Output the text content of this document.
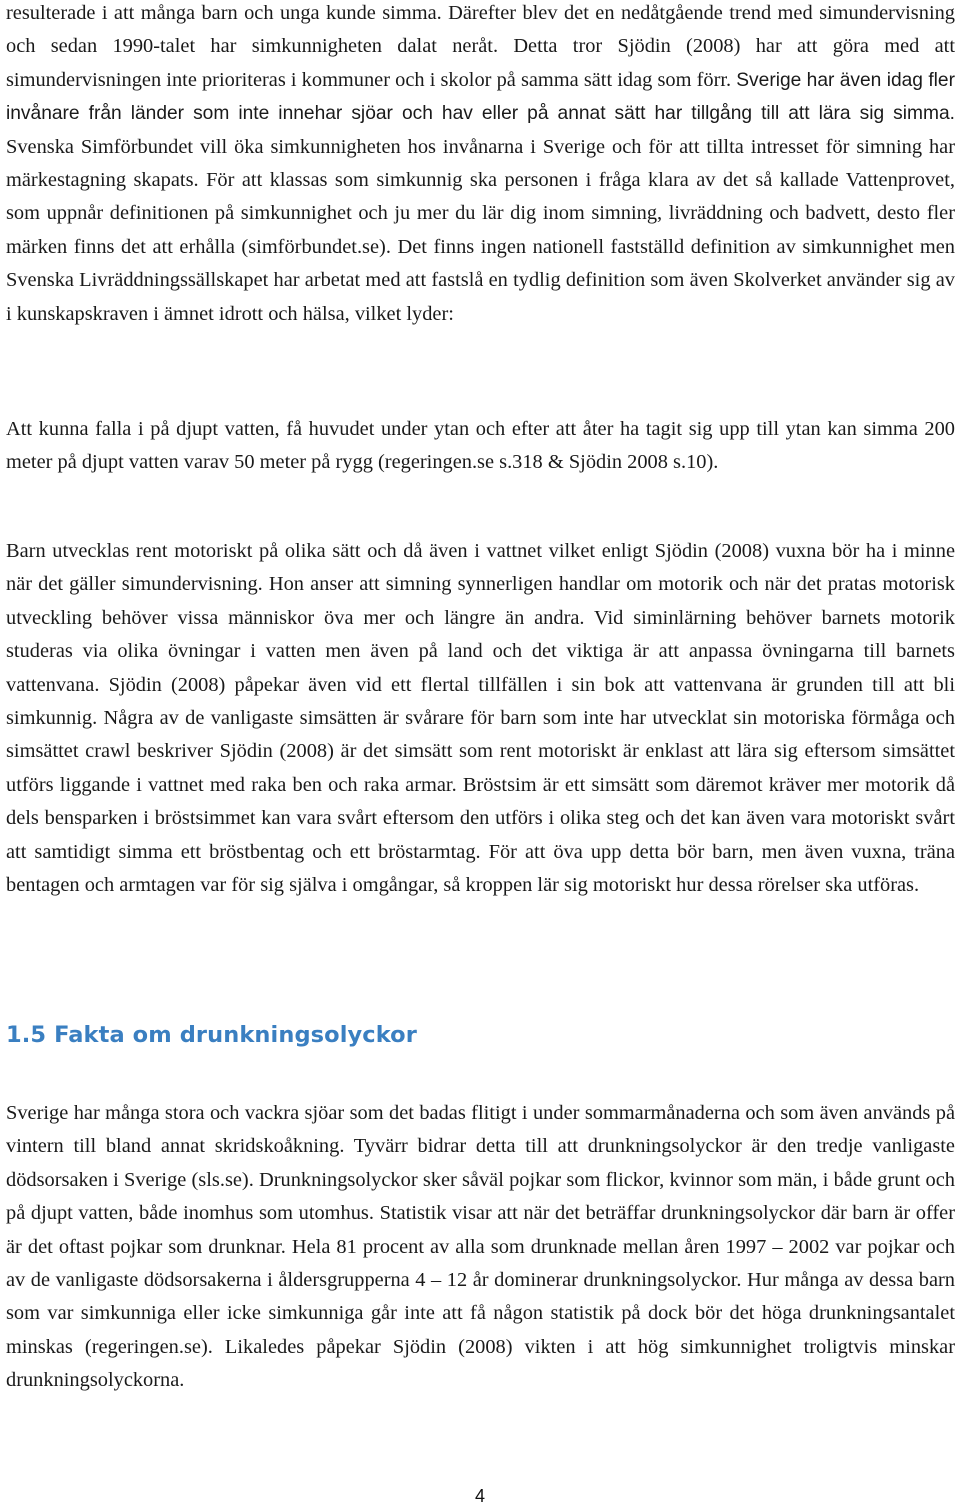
resulterade i att många barn och unga kunde simma. Därefter blev det en nedåtgående trend med simundervisning och sedan 1990-talet har simkunnigheten dalat neråt. Detta tror Sjödin (2008) har att göra med att simundervisningen inte prioriteras i kommuner och i skolor på samma sätt idag som förr. Sverige har även idag fler invånare från länder som inte innehar sjöar och hav eller på annat sätt har tillgång till att lära sig simma. Svenska Simförbundet vill öka simkunnigheten hos invånarna i Sverige och för att tillta intresset för simning har märkestagning skapats. För att klassas som simkunnig ska personen i fråga klara av det så kallade Vattenprovet, som uppnår definitionen på simkunnighet och ju mer du lär dig inom simning, livräddning och badvett, desto fler märken finns det att erhålla (simförbundet.se). Det finns ingen nationell fastställd definition av simkunnighet men Svenska Livräddningssällskapet har arbetat med att fastslå en tydlig definition som även Skolverket använder sig av i kunskapskraven i ämnet idrott och hälsa, vilket lyder:

Att kunna falla i på djupt vatten, få huvudet under ytan och efter att åter ha tagit sig upp till ytan kan simma 200 meter på djupt vatten varav 50 meter på rygg (regeringen.se s.318 & Sjödin 2008 s.10).

Barn utvecklas rent motoriskt på olika sätt och då även i vattnet vilket enligt Sjödin (2008) vuxna bör ha i minne när det gäller simundervisning. Hon anser att simning synnerligen handlar om motorik och när det pratas motorisk utveckling behöver vissa människor öva mer och längre än andra. Vid siminlärning behöver barnets motorik studeras via olika övningar i vatten men även på land och det viktiga är att anpassa övningarna till barnets vattenvana. Sjödin (2008) påpekar även vid ett flertal tillfällen i sin bok att vattenvana är grunden till att bli simkunnig. Några av de vanligaste simsätten är svårare för barn som inte har utvecklat sin motoriska förmåga och simsättet crawl beskriver Sjödin (2008) är det simsätt som rent motoriskt är enklast att lära sig eftersom simsättet utförs liggande i vattnet med raka ben och raka armar. Bröstsim är ett simsätt som däremot kräver mer motorik då dels bensparken i bröstsimmet kan vara svårt eftersom den utförs i olika steg och det kan även vara motoriskt svårt att samtidigt simma ett bröstbentag och ett bröstarmtag. För att öva upp detta bör barn, men även vuxna, träna bentagen och armtagen var för sig själva i omgångar, så kroppen lär sig motoriskt hur dessa rörelser ska utföras.

1.5 Fakta om drunkningsolyckor

Sverige har många stora och vackra sjöar som det badas flitigt i under sommarmånaderna och som även används på vintern till bland annat skridskoåkning. Tyvärr bidrar detta till att drunkningsolyckor är den tredje vanligaste dödsorsaken i Sverige (sls.se). Drunkningsolyckor sker såväl pojkar som flickor, kvinnor som män, i både grunt och på djupt vatten, både inomhus som utomhus. Statistik visar att när det beträffar drunkningsolyckor där barn är offer är det oftast pojkar som drunknar. Hela 81 procent av alla som drunknade mellan åren 1997 – 2002 var pojkar och av de vanligaste dödsorsakerna i åldersgrupperna 4 – 12 år dominerar drunkningsolyckor. Hur många av dessa barn som var simkunniga eller icke simkunniga går inte att få någon statistik på dock bör det höga drunkningsantalet minskas (regeringen.se). Likaledes påpekar Sjödin (2008) vikten i att hög simkunnighet troligtvis minskar drunkningsolyckorna.

4
